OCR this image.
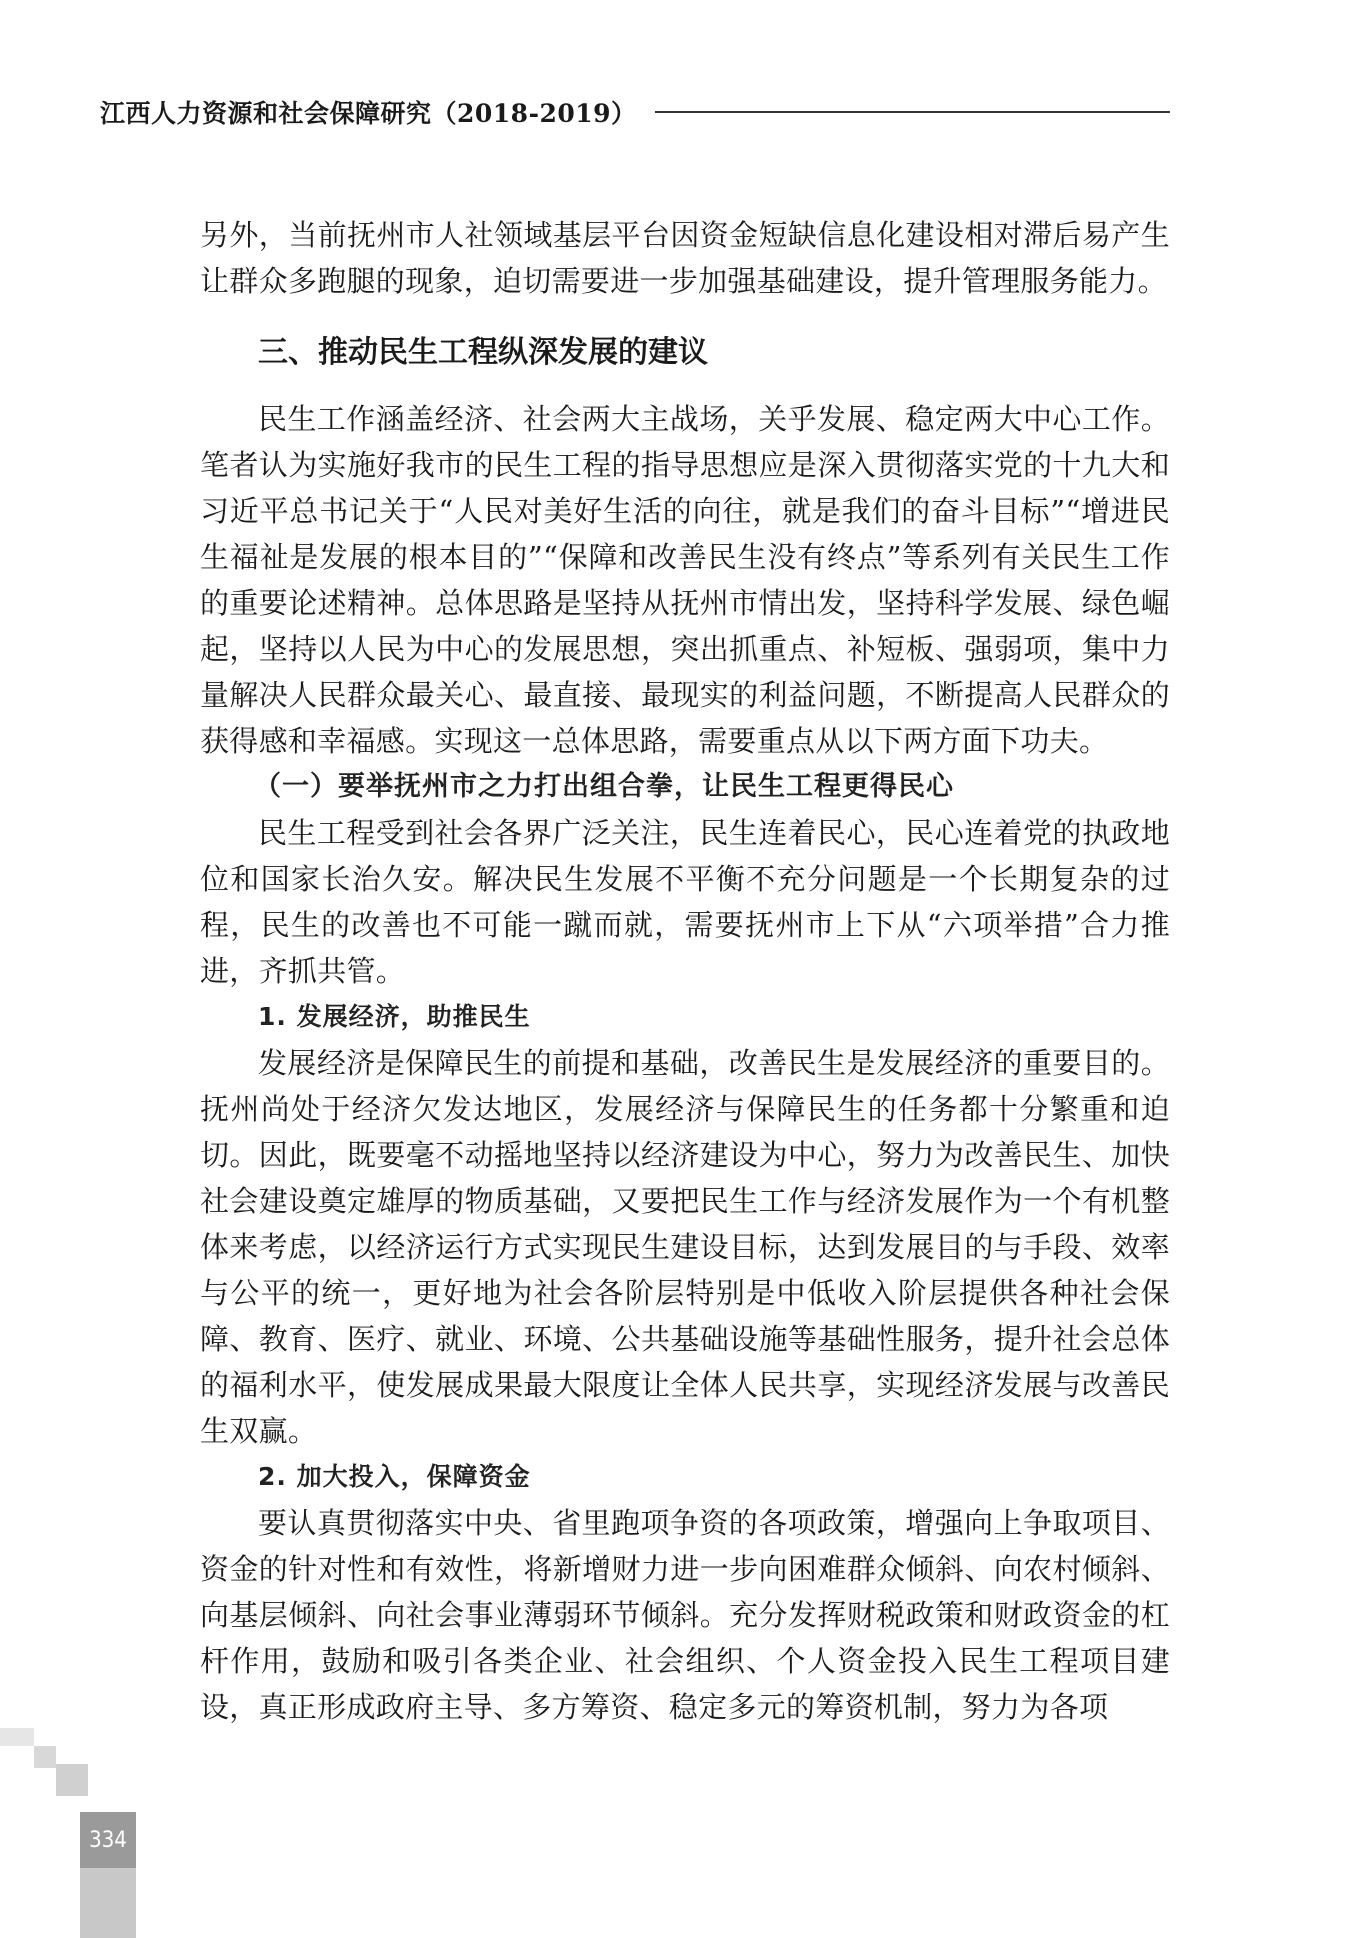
江西人力资源和社会保障研究（2018-2019）

另外，当前抚州市人社领域基层平台因资金短缺信息化建设相对滞后易产生让群众多跑腿的现象，迫切需要进一步加强基础建设，提升管理服务能力。

三、推动民生工程纵深发展的建议

民生工作涵盖经济、社会两大主战场，关乎发展、稳定两大中心工作。笔者认为实施好我市的民生工程的指导思想应是深入贯彻落实党的十九大和习近平总书记关于“人民对美好生活的向往，就是我们的奋斗目标”“增进民生福祉是发展的根本目的”“保障和改善民生没有终点”等系列有关民生工作的重要论述精神。总体思路是坚持从抚州市情出发，坚持科学发展、绿色崛起，坚持以人民为中心的发展思想，突出抓重点、补短板、强弱项，集中力量解决人民群众最关心、最直接、最现实的利益问题，不断提高人民群众的获得感和幸福感。实现这一总体思路，需要重点从以下两方面下功夫。

（一）要举抚州市之力打出组合拳，让民生工程更得民心

民生工程受到社会各界广泛关注，民生连着民心，民心连着党的执政地位和国家长治久安。解决民生发展不平衡不充分问题是一个长期复杂的过程，民生的改善也不可能一蹴而就，需要抚州市上下从“六项举措”合力推进，齐抓共管。

1. 发展经济，助推民生

发展经济是保障民生的前提和基础，改善民生是发展经济的重要目的。抚州尚处于经济欠发达地区，发展经济与保障民生的任务都十分繁重和迫切。因此，既要毫不动摇地坚持以经济建设为中心，努力为改善民生、加快社会建设奠定雄厚的物质基础，又要把民生工作与经济发展作为一个有机整体来考虑，以经济运行方式实现民生建设目标，达到发展目的与手段、效率与公平的统一，更好地为社会各阶层特别是中低收入阶层提供各种社会保障、教育、医疗、就业、环境、公共基础设施等基础性服务，提升社会总体的福利水平，使发展成果最大限度让全体人民共享，实现经济发展与改善民生双赢。

2. 加大投入，保障资金

要认真贯彻落实中央、省里跑项争资的各项政策，增强向上争取项目、资金的针对性和有效性，将新增财力进一步向困难群众倾斜、向农村倾斜、向基层倾斜、向社会事业薄弱环节倾斜。充分发挥财税政策和财政资金的杠杆作用，鼓励和吸引各类企业、社会组织、个人资金投入民生工程项目建设，真正形成政府主导、多方筹资、稳定多元的筹资机制，努力为各项

334
